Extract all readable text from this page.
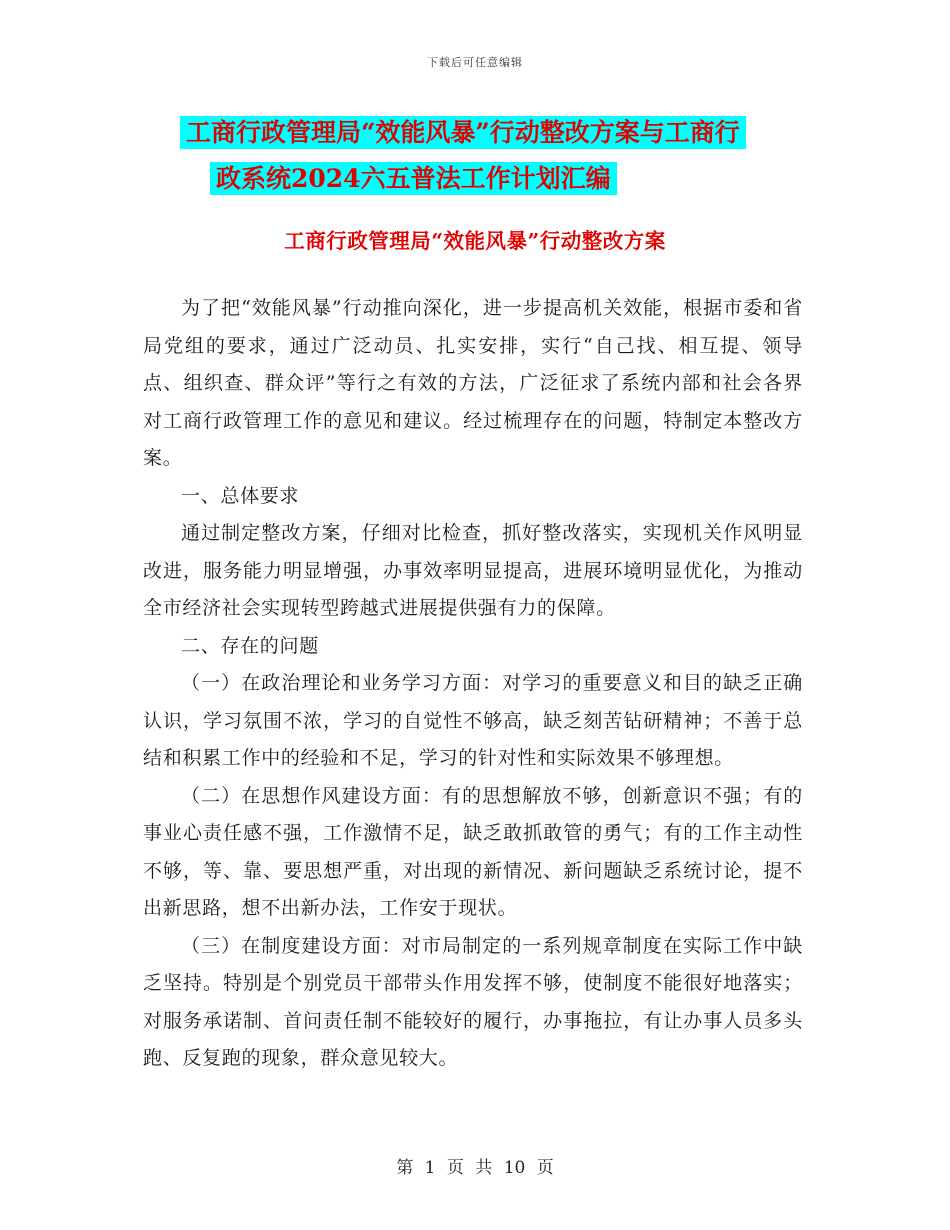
下载后可任意编辑
工商行政管理局“效能风暴”行动整改方案与工商行
政系统2024六五普法工作计划汇编
工商行政管理局“效能风暴”行动整改方案

为了把“效能风暴”行动推向深化，进一步提高机关效能，根据市委和省局党组的要求，通过广泛动员、扎实安排，实行“自己找、相互提、领导点、组织查、群众评”等行之有效的方法，广泛征求了系统内部和社会各界对工商行政管理工作的意见和建议。经过梳理存在的问题，特制定本整改方案。

一、总体要求

通过制定整改方案，仔细对比检查，抓好整改落实，实现机关作风明显改进，服务能力明显增强，办事效率明显提高，进展环境明显优化，为推动全市经济社会实现转型跨越式进展提供强有力的保障。

二、存在的问题

（一）在政治理论和业务学习方面：对学习的重要意义和目的缺乏正确认识，学习氛围不浓，学习的自觉性不够高，缺乏刻苦钻研精神；不善于总结和积累工作中的经验和不足，学习的针对性和实际效果不够理想。

（二）在思想作风建设方面：有的思想解放不够，创新意识不强；有的事业心责任感不强，工作激情不足，缺乏敢抓敢管的勇气；有的工作主动性不够，等、靠、要思想严重，对出现的新情况、新问题缺乏系统讨论，提不出新思路，想不出新办法，工作安于现状。

（三）在制度建设方面：对市局制定的一系列规章制度在实际工作中缺乏坚持。特别是个别党员干部带头作用发挥不够，使制度不能很好地落实；对服务承诺制、首问责任制不能较好的履行，办事拖拉，有让办事人员多头跑、反复跑的现象，群众意见较大。

第 1 页 共 10 页
